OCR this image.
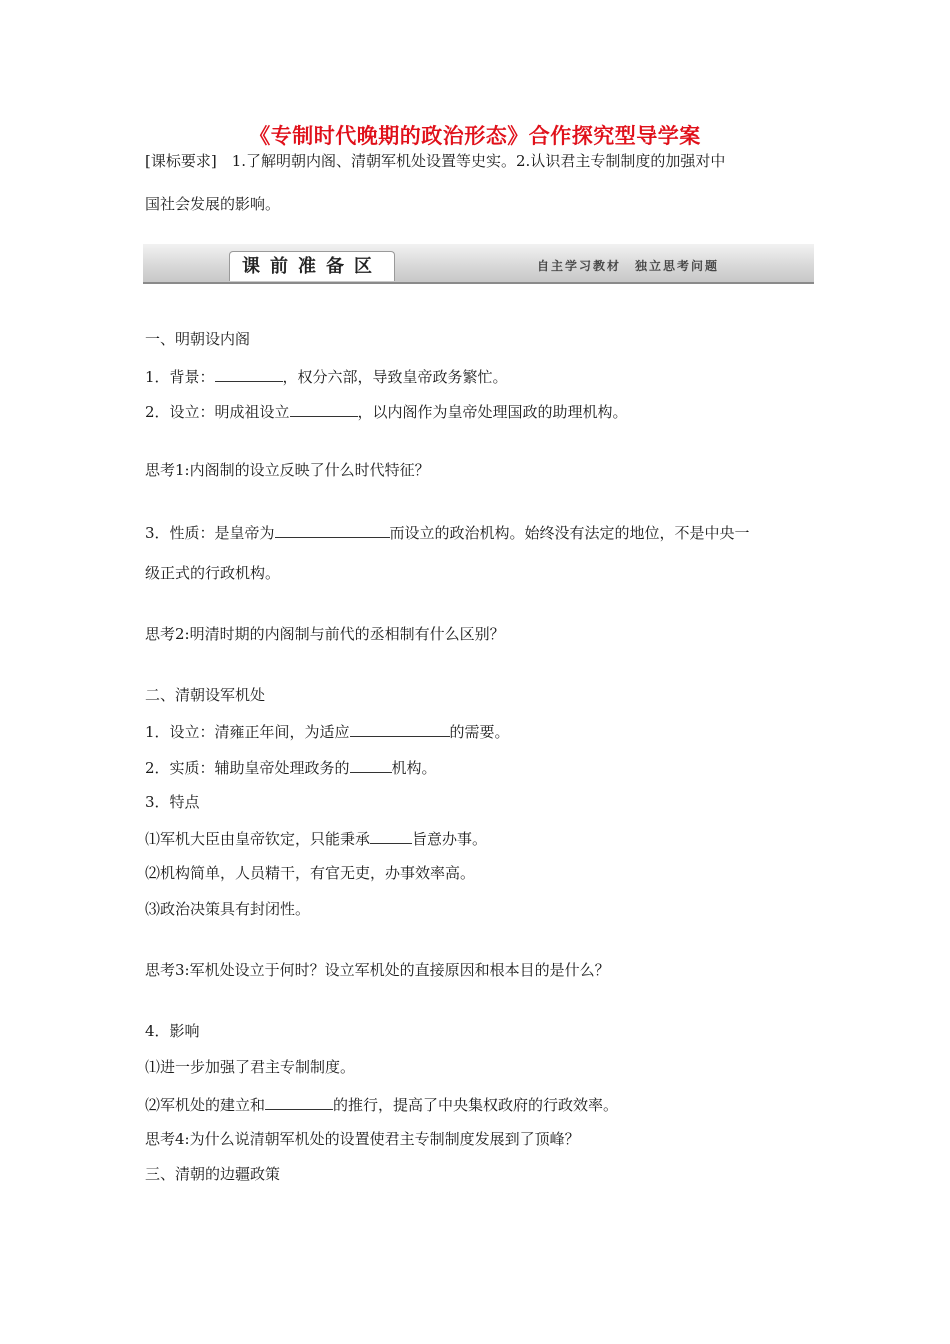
《专制时代晚期的政治形态》合作探究型导学案
[课标要求]　1.了解明朝内阁、清朝军机处设置等史实。2.认识君主专制制度的加强对中
国社会发展的影响。
课前准备区	自主学习教材　独立思考问题
一、明朝设内阁
1．背景：	，权分六部，导致皇帝政务繁忙。
2．设立：明成祖设立	，以内阁作为皇帝处理国政的助理机构。
思考1:内阁制的设立反映了什么时代特征？
3．性质：是皇帝为	而设立的政治机构。始终没有法定的地位，不是中央一
级正式的行政机构。
思考2:明清时期的内阁制与前代的丞相制有什么区别？
二、清朝设军机处
1．设立：清雍正年间，为适应	的需要。
2．实质：辅助皇帝处理政务的	机构。
3．特点
⑴军机大臣由皇帝钦定，只能秉承	旨意办事。
⑵机构简单，人员精干，有官无吏，办事效率高。
⑶政治决策具有封闭性。
思考3:军机处设立于何时？设立军机处的直接原因和根本目的是什么？
4．影响
⑴进一步加强了君主专制制度。
⑵军机处的建立和	的推行，提高了中央集权政府的行政效率。
思考4:为什么说清朝军机处的设置使君主专制制度发展到了顶峰？
三、清朝的边疆政策
